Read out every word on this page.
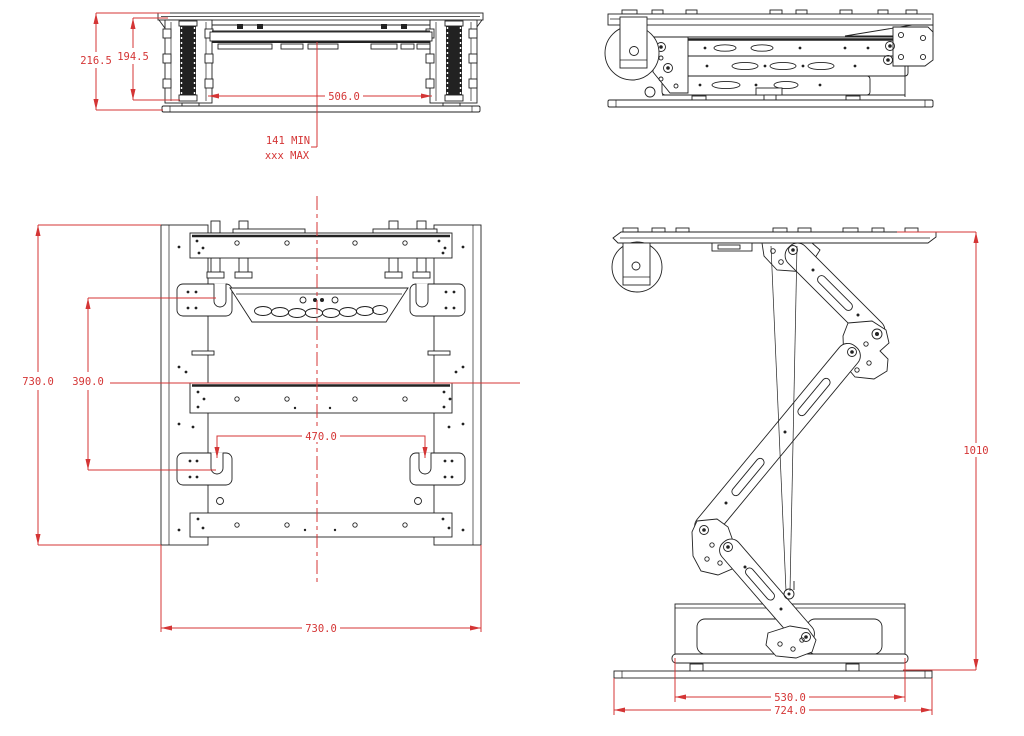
216.5 194.5
506.0
141 MIN
xxx MAX
730.0 390.0
470.0
730.0
1010
530.0
724.0
